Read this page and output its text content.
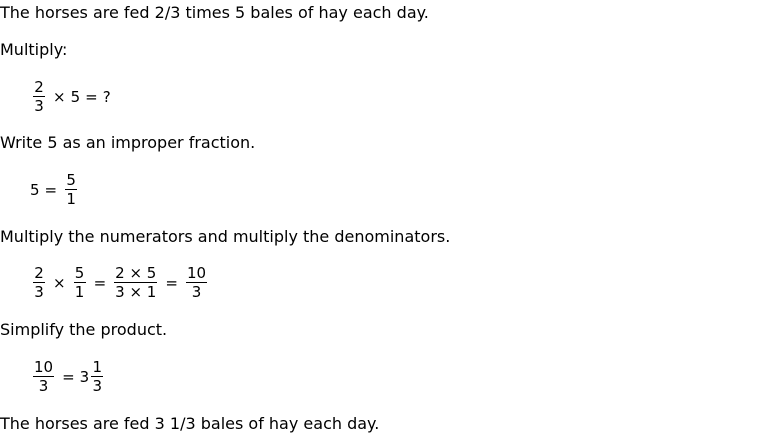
The horses are fed 2/3 times 5 bales of hay each day.
Multiply:
$\frac{2}{3} \times 5$ = ?
Write 5 as an improper fraction.
$5 = \frac{5}{1}$
Multiply the numerators and multiply the denominators.
$\frac{2}{3} \times \frac{5}{1} = \frac{2 \times 5}{3 \times 1} = \frac{10}{3}$
Simplify the product.
$\frac{10}{3} = 3 \frac{1}{3}$
The horses are fed 3 1/3 bales of hay each day.
